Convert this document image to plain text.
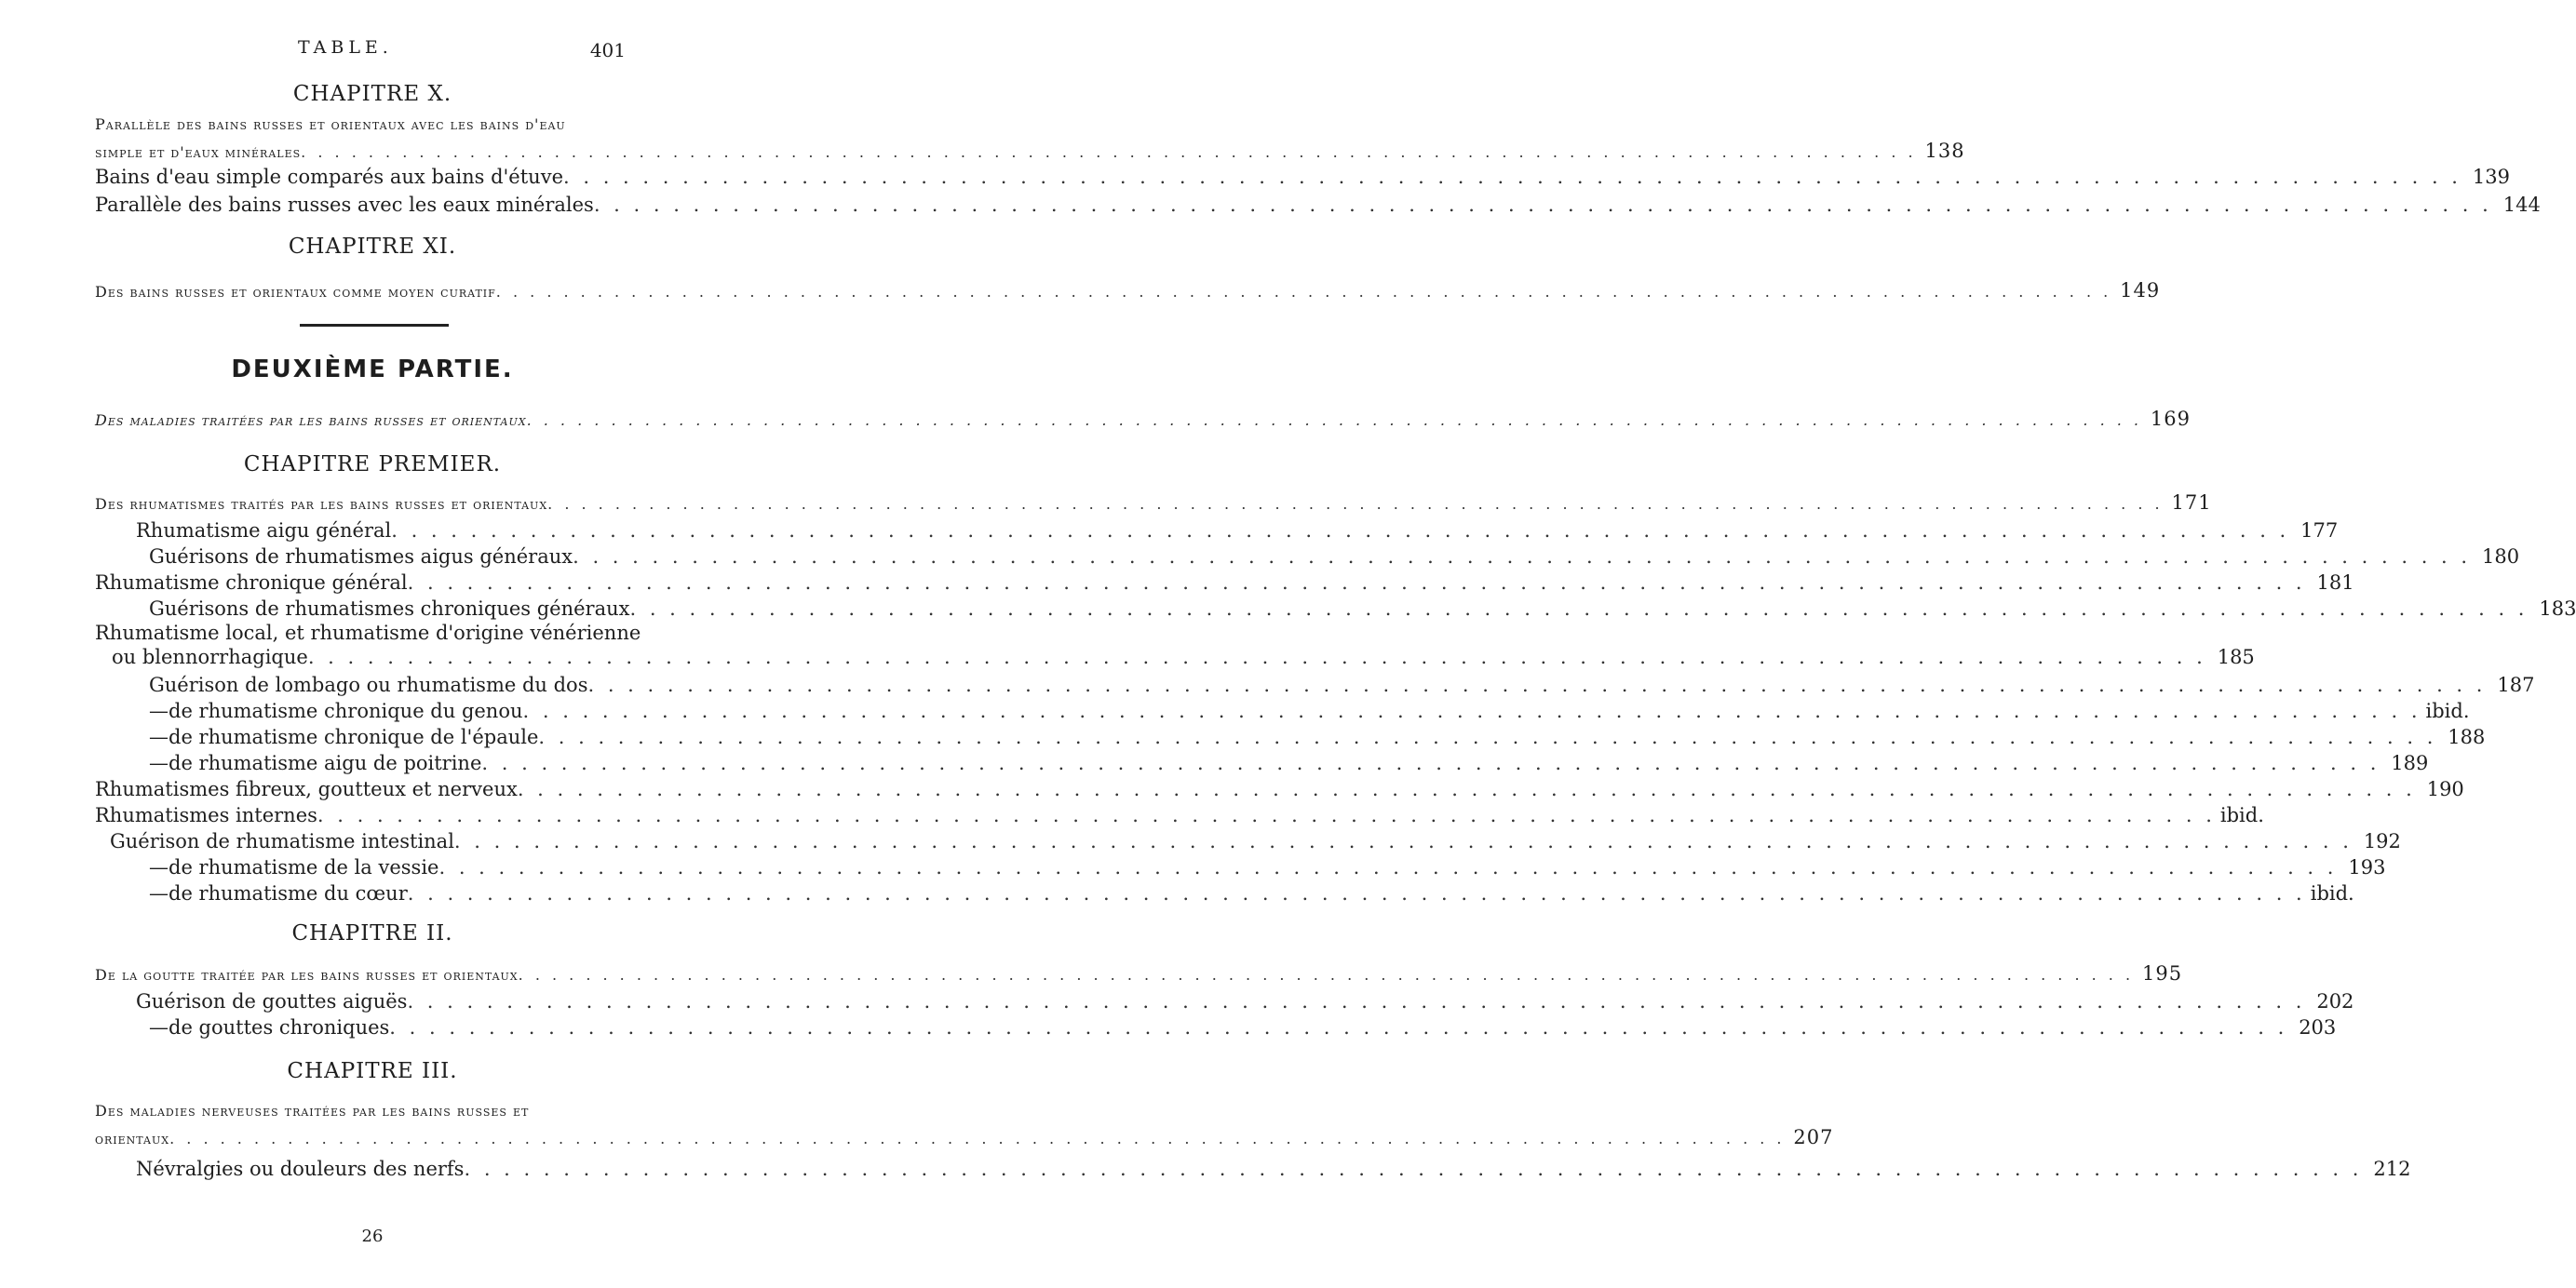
TABLE.	401
CHAPITRE X.
Parallèle des bains russes et orientaux avec les bains d'eau
simple et d'eaux minérales . . .	138
Bains d'eau simple comparés aux bains d'étuve . . .	139
Parallèle des bains russes avec les eaux minérales . . .	144
CHAPITRE XI.
Des bains russes et orientaux comme moyen curatif . . .	149
DEUXIÈME PARTIE.
Des maladies traitées par les bains russes et orientaux . . .	169
CHAPITRE PREMIER.
Des rhumatismes traités par les bains russes et orientaux . . .	171
Rhumatisme aigu général . . .	177
Guérisons de rhumatismes aigus généraux . . .	180
Rhumatisme chronique général . . .	181
Guérisons de rhumatismes chroniques généraux . . .	183
Rhumatisme local, et rhumatisme d'origine vénérienne
ou blennorrhagique . . .	185
Guérison de lombago ou rhumatisme du dos . . .	187
— de rhumatisme chronique du genou . . .	ibid.
— de rhumatisme chronique de l'épaule . . .	188
— de rhumatisme aigu de poitrine . . .	189
Rhumatismes fibreux, goutteux et nerveux . . .	190
Rhumatismes internes . . .	ibid.
Guérison de rhumatisme intestinal . . .	192
— de rhumatisme de la vessie . . .	193
— de rhumatisme du cœur . . .	ibid.
CHAPITRE II.
De la goutte traitée par les bains russes et orientaux . . .	195
Guérison de gouttes aiguës . . .	202
— de gouttes chroniques . . .	203
CHAPITRE III.
Des maladies nerveuses traitées par les bains russes et
orientaux . . .	207
Névralgies ou douleurs des nerfs . . .	212
26
